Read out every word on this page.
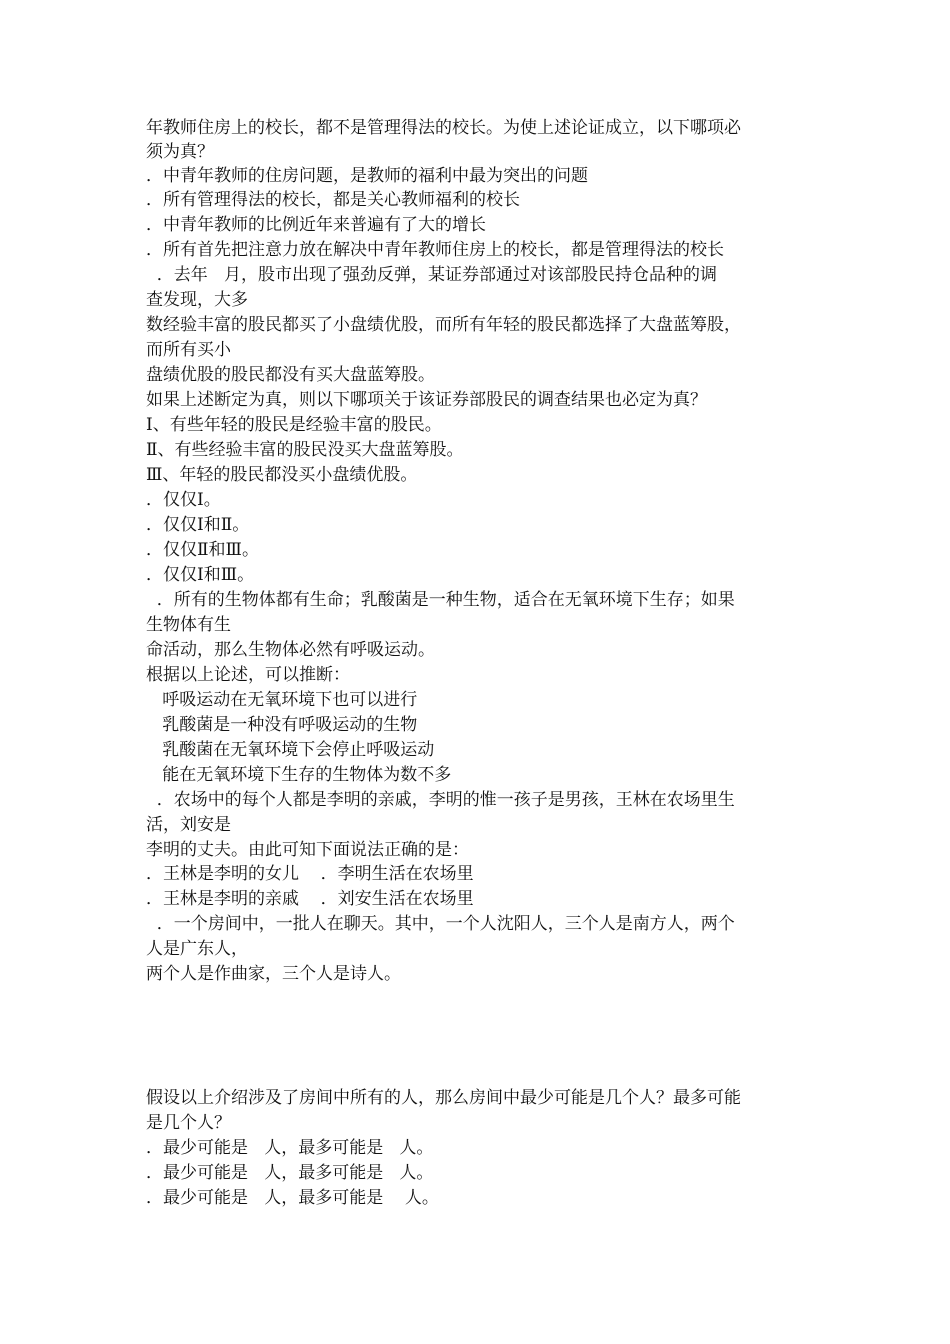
年教师住房上的校长，都不是管理得法的校长。为使上述论证成立，以下哪项必
须为真？
．中青年教师的住房问题，是教师的福利中最为突出的问题
．所有管理得法的校长，都是关心教师福利的校长
．中青年教师的比例近年来普遍有了大的增长
．所有首先把注意力放在解决中青年教师住房上的校长，都是管理得法的校长
．去年   月，股市出现了强劲反弹，某证券部通过对该部股民持仓品种的调
查发现，大多
数经验丰富的股民都买了小盘绩优股，而所有年轻的股民都选择了大盘蓝筹股，
而所有买小
盘绩优股的股民都没有买大盘蓝筹股。
如果上述断定为真，则以下哪项关于该证券部股民的调查结果也必定为真？
Ⅰ、有些年轻的股民是经验丰富的股民。
Ⅱ、有些经验丰富的股民没买大盘蓝筹股。
Ⅲ、年轻的股民都没买小盘绩优股。
．仅仅Ⅰ。
．仅仅Ⅰ和Ⅱ。
．仅仅Ⅱ和Ⅲ。
．仅仅Ⅰ和Ⅲ。
．所有的生物体都有生命；乳酸菌是一种生物，适合在无氧环境下生存；如果
生物体有生
命活动，那么生物体必然有呼吸运动。
根据以上论述，可以推断：
呼吸运动在无氧环境下也可以进行
乳酸菌是一种没有呼吸运动的生物
乳酸菌在无氧环境下会停止呼吸运动
能在无氧环境下生存的生物体为数不多
．农场中的每个人都是李明的亲戚，李明的惟一孩子是男孩，王林在农场里生
活，刘安是
李明的丈夫。由此可知下面说法正确的是：
．王林是李明的女儿    ．李明生活在农场里
．王林是李明的亲戚    ．刘安生活在农场里
．一个房间中，一批人在聊天。其中，一个人沈阳人，三个人是南方人，两个
人是广东人，
两个人是作曲家，三个人是诗人。
假设以上介绍涉及了房间中所有的人，那么房间中最少可能是几个人？最多可能
是几个人？
．最少可能是   人，最多可能是   人。
．最少可能是   人，最多可能是   人。
．最少可能是   人，最多可能是    人。
